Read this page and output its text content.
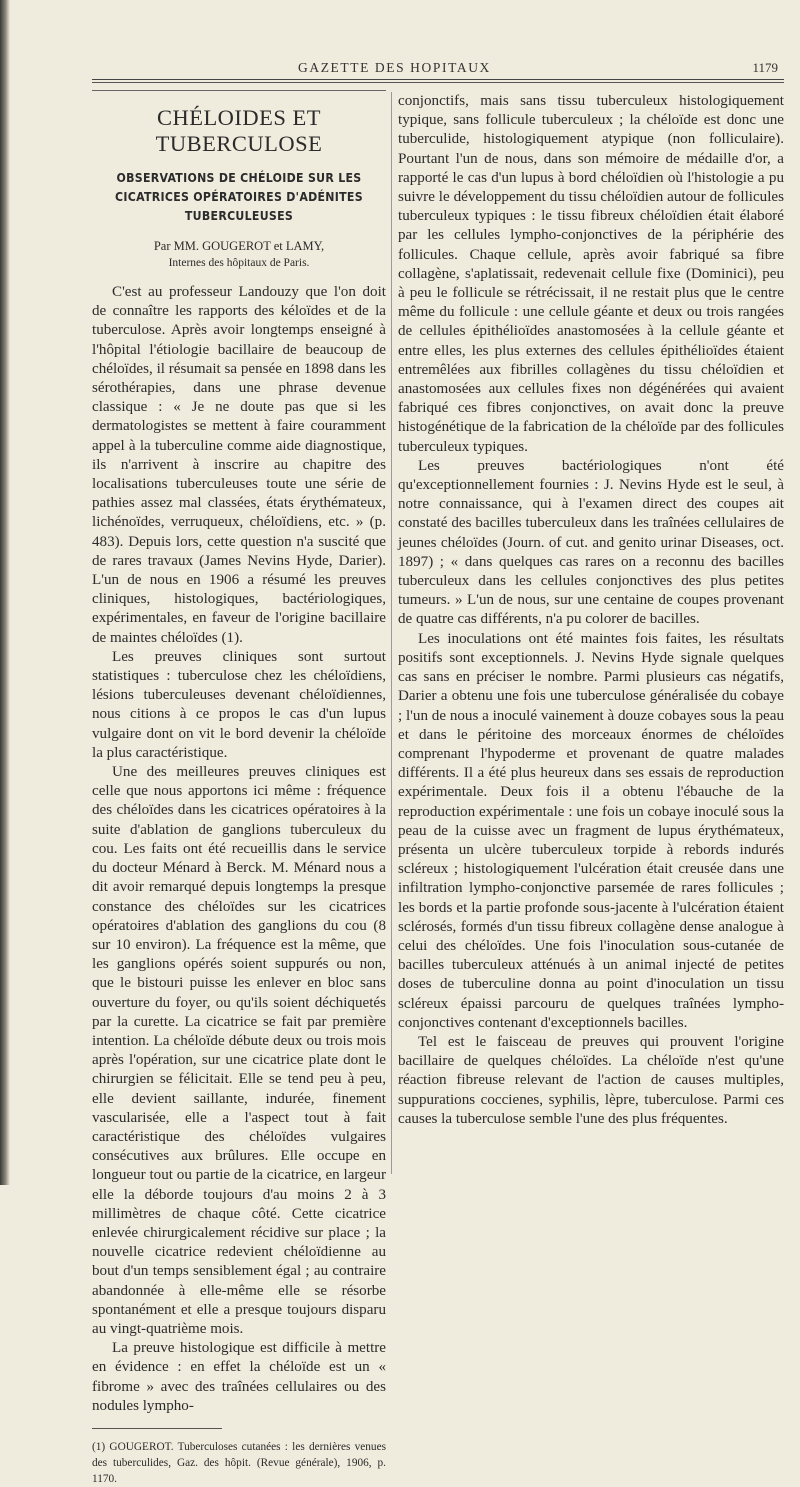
GAZETTE DES HOPITAUX	1179
CHÉLOIDES ET TUBERCULOSE
OBSERVATIONS DE CHÉLOIDE SUR LES CICATRICES OPÉRATOIRES D'ADÉNITES TUBERCULEUSES
Par MM. GOUGEROT et LAMY,
Internes des hôpitaux de Paris.

C'est au professeur Landouzy que l'on doit de connaître les rapports des kéloïdes et de la tuberculose. Après avoir longtemps enseigné à l'hôpital l'étiologie bacillaire de beaucoup de chéloïdes, il résumait sa pensée en 1898 dans les sérothérapies, dans une phrase devenue classique : « Je ne doute pas que si les dermatologistes se mettent à faire couramment appel à la tuberculine comme aide diagnostique, ils n'arrivent à inscrire au chapitre des localisations tuberculeuses toute une série de pathies assez mal classées, états érythémateux, lichénoïdes, verruqueux, chéloïdiens, etc. » (p. 483). Depuis lors, cette question n'a suscité que de rares travaux (James Nevins Hyde, Darier). L'un de nous en 1906 a résumé les preuves cliniques, histologiques, bactériologiques, expérimentales, en faveur de l'origine bacillaire de maintes chéloïdes (1).

Les preuves cliniques sont surtout statistiques : tuberculose chez les chéloïdiens, lésions tuberculeuses devenant chéloïdiennes, nous citions à ce propos le cas d'un lupus vulgaire dont on vit le bord devenir la chéloïde la plus caractéristique.

Une des meilleures preuves cliniques est celle que nous apportons ici même : fréquence des chéloïdes dans les cicatrices opératoires à la suite d'ablation de ganglions tuberculeux du cou. Les faits ont été recueillis dans le service du docteur Ménard à Berck. M. Ménard nous a dit avoir remarqué depuis longtemps la presque constance des chéloïdes sur les cicatrices opératoires d'ablation des ganglions du cou (8 sur 10 environ). La fréquence est la même, que les ganglions opérés soient suppurés ou non, que le bistouri puisse les enlever en bloc sans ouverture du foyer, ou qu'ils soient déchiquetés par la curette. La cicatrice se fait par première intention. La chéloïde débute deux ou trois mois après l'opération, sur une cicatrice plate dont le chirurgien se félicitait. Elle se tend peu à peu, elle devient saillante, indurée, finement vascularisée, elle a l'aspect tout à fait caractéristique des chéloïdes vulgaires consécutives aux brûlures. Elle occupe en longueur tout ou partie de la cicatrice, en largeur elle la déborde toujours d'au moins 2 à 3 millimètres de chaque côté. Cette cicatrice enlevée chirurgicalement récidive sur place ; la nouvelle cicatrice redevient chéloïdienne au bout d'un temps sensiblement égal ; au contraire abandonnée à elle-même elle se résorbe spontanément et elle a presque toujours disparu au vingt-quatrième mois.

La preuve histologique est difficile à mettre en évidence : en effet la chéloïde est un « fibrome » avec des traînées cellulaires ou des nodules lympho-

(1) GOUGEROT. Tuberculoses cutanées : les dernières venues des tuberculides, Gaz. des hôpit. (Revue générale), 1906, p. 1170.

conjonctifs, mais sans tissu tuberculeux histologiquement typique, sans follicule tuberculeux ; la chéloïde est donc une tuberculide, histologiquement atypique (non folliculaire). Pourtant l'un de nous, dans son mémoire de médaille d'or, a rapporté le cas d'un lupus à bord chéloïdien où l'histologie a pu suivre le développement du tissu chéloïdien autour de follicules tuberculeux typiques : le tissu fibreux chéloïdien était élaboré par les cellules lympho-conjonctives de la périphérie des follicules. Chaque cellule, après avoir fabriqué sa fibre collagène, s'aplatissait, redevenait cellule fixe (Dominici), peu à peu le follicule se rétrécissait, il ne restait plus que le centre même du follicule : une cellule géante et deux ou trois rangées de cellules épithélioïdes anastomosées à la cellule géante et entre elles, les plus externes des cellules épithélioïdes étaient entremêlées aux fibrilles collagènes du tissu chéloïdien et anastomosées aux cellules fixes non dégénérées qui avaient fabriqué ces fibres conjonctives, on avait donc la preuve histogénétique de la fabrication de la chéloïde par des follicules tuberculeux typiques.

Les preuves bactériologiques n'ont été qu'exceptionnellement fournies : J. Nevins Hyde est le seul, à notre connaissance, qui à l'examen direct des coupes ait constaté des bacilles tuberculeux dans les traînées cellulaires de jeunes chéloïdes (Journ. of cut. and genito urinar Diseases, oct. 1897) ; « dans quelques cas rares on a reconnu des bacilles tuberculeux dans les cellules conjonctives des plus petites tumeurs. » L'un de nous, sur une centaine de coupes provenant de quatre cas différents, n'a pu colorer de bacilles.

Les inoculations ont été maintes fois faites, les résultats positifs sont exceptionnels. J. Nevins Hyde signale quelques cas sans en préciser le nombre. Parmi plusieurs cas négatifs, Darier a obtenu une fois une tuberculose généralisée du cobaye ; l'un de nous a inoculé vainement à douze cobayes sous la peau et dans le péritoine des morceaux énormes de chéloïdes comprenant l'hypoderme et provenant de quatre malades différents. Il a été plus heureux dans ses essais de reproduction expérimentale. Deux fois il a obtenu l'ébauche de la reproduction expérimentale : une fois un cobaye inoculé sous la peau de la cuisse avec un fragment de lupus érythémateux, présenta un ulcère tuberculeux torpide à rebords indurés scléreux ; histologiquement l'ulcération était creusée dans une infiltration lympho-conjonctive parsemée de rares follicules ; les bords et la partie profonde sous-jacente à l'ulcération étaient sclérosés, formés d'un tissu fibreux collagène dense analogue à celui des chéloïdes. Une fois l'inoculation sous-cutanée de bacilles tuberculeux atténués à un animal injecté de petites doses de tuberculine donna au point d'inoculation un tissu scléreux épaissi parcouru de quelques traînées lympho-conjonctives contenant d'exceptionnels bacilles.

Tel est le faisceau de preuves qui prouvent l'origine bacillaire de quelques chéloïdes. La chéloïde n'est qu'une réaction fibreuse relevant de l'action de causes multiples, suppurations coccienes, syphilis, lèpre, tuberculose. Parmi ces causes la tuberculose semble l'une des plus fréquentes.
